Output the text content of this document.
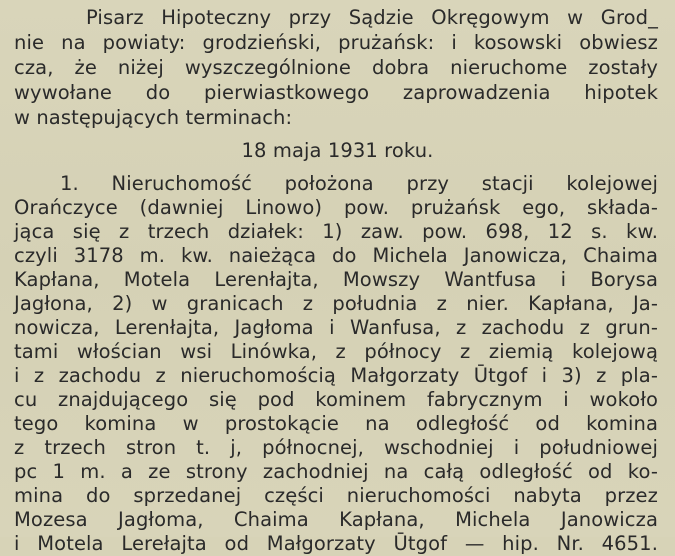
Pisarz Hipoteczny przy Sądzie Okręgowym w Grod_
nie na powiaty: grodzieński, prużańsk: i kosowski obwiesz
cza, że niżej wyszczególnione dobra nieruchome zostały
wywołane do pierwiastkowego zaprowadzenia hipotek
w następujących terminach:
18 maja 1931 roku.
1. Nieruchomość położona przy stacji kolejowej
Orańczyce (dawniej Linowo) pow. prużańsk ego, składa-
jąca się z trzech działek: 1) zaw. pow. 698, 12 s. kw.
czyli 3178 m. kw. naieżąca do Michela Janowicza, Chaima
Kapłana, Motela Lerenłajta, Mowszy Wantfusa i Borysa
Jagłona, 2) w granicach z południa z nier. Kapłana, Ja-
nowicza, Lerenłajta, Jagłoma i Wanfusa, z zachodu z grun-
tami włościan wsi Linówka, z północy z ziemią kolejową
i z zachodu z nieruchomością Małgorzaty Ūtgof i 3) z pla-
cu znajdującego się pod kominem fabrycznym i wokoło
tego komina w prostokącie na odległość od komina
z trzech stron t. j, północnej, wschodniej i południowej
pc 1 m. a ze strony zachodniej na całą odległość od ko-
mina do sprzedanej części nieruchomości nabyta przez
Mozesa Jagłoma, Chaima Kapłana, Michela Janowicza
i Motela Lerełajta od Małgorzaty Ūtgof — hip. Nr. 4651.
